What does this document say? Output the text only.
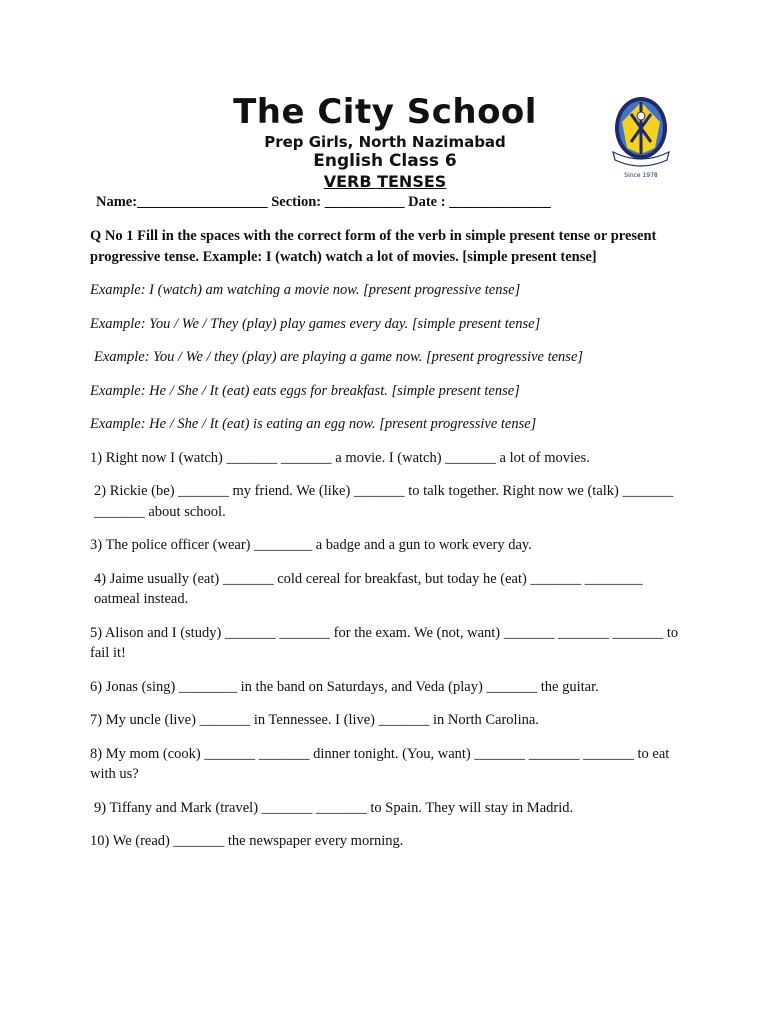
The City School
Prep Girls, North Nazimabad
English Class 6
VERB TENSES
Name:__________________ Section: ___________ Date : ______________
Since 1978

Q No 1 Fill in the spaces with the correct form of the verb in simple present tense or present progressive tense. Example: I (watch) watch a lot of movies. [simple present tense]

Example: I (watch) am watching a movie now. [present progressive tense]

Example: You / We / They (play) play games every day. [simple present tense]

Example: You / We / they (play) are playing a game now. [present progressive tense]

Example: He / She / It (eat) eats eggs for breakfast. [simple present tense]

Example: He / She / It (eat) is eating an egg now. [present progressive tense]

1) Right now I (watch) _______ _______ a movie. I (watch) _______ a lot of movies.

2) Rickie (be) _______ my friend. We (like) _______ to talk together. Right now we (talk) _______ _______ about school.

3) The police officer (wear) ________ a badge and a gun to work every day.

4) Jaime usually (eat) _______ cold cereal for breakfast, but today he (eat) _______ ________ oatmeal instead.

5) Alison and I (study) _______ _______ for the exam. We (not, want) _______ _______ _______ to fail it!

6) Jonas (sing) ________ in the band on Saturdays, and Veda (play) _______ the guitar.

7) My uncle (live) _______ in Tennessee. I (live) _______ in North Carolina.

8) My mom (cook) _______ _______ dinner tonight. (You, want) _______ _______ _______ to eat with us?

9) Tiffany and Mark (travel) _______ _______ to Spain. They will stay in Madrid.

10) We (read) _______ the newspaper every morning.
